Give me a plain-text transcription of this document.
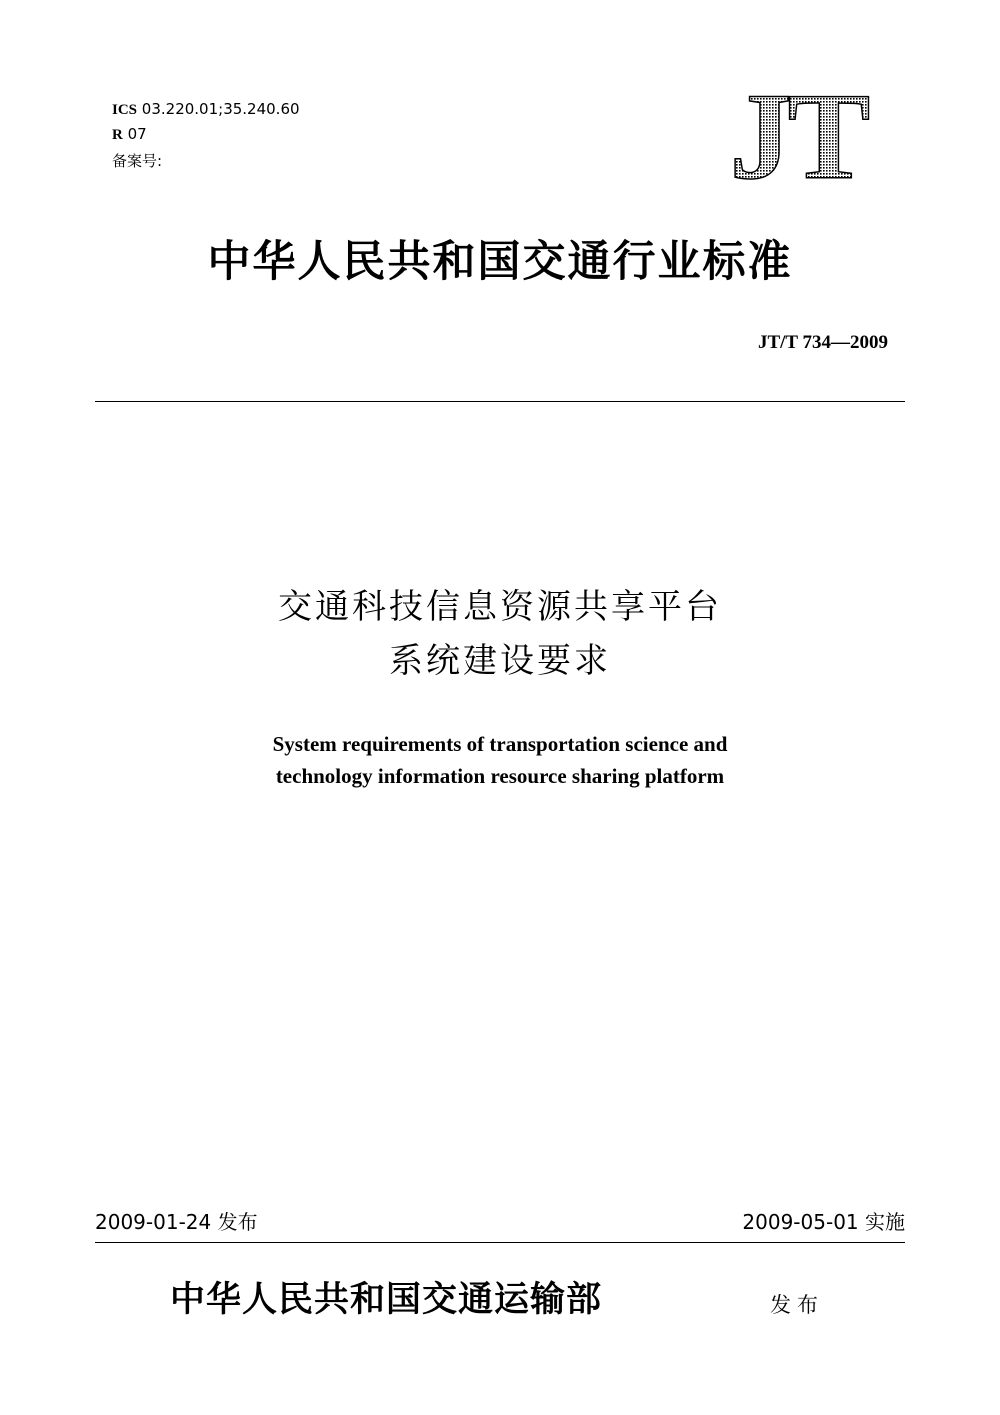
ICS 03.220.01;35.240.60
R 07
备案号:	JT
中华人民共和国交通行业标准
JT/T 734—2009
交通科技信息资源共享平台
系统建设要求
System requirements of transportation science and
technology information resource sharing platform
2009-01-24 发布	2009-05-01 实施
中华人民共和国交通运输部	发布
